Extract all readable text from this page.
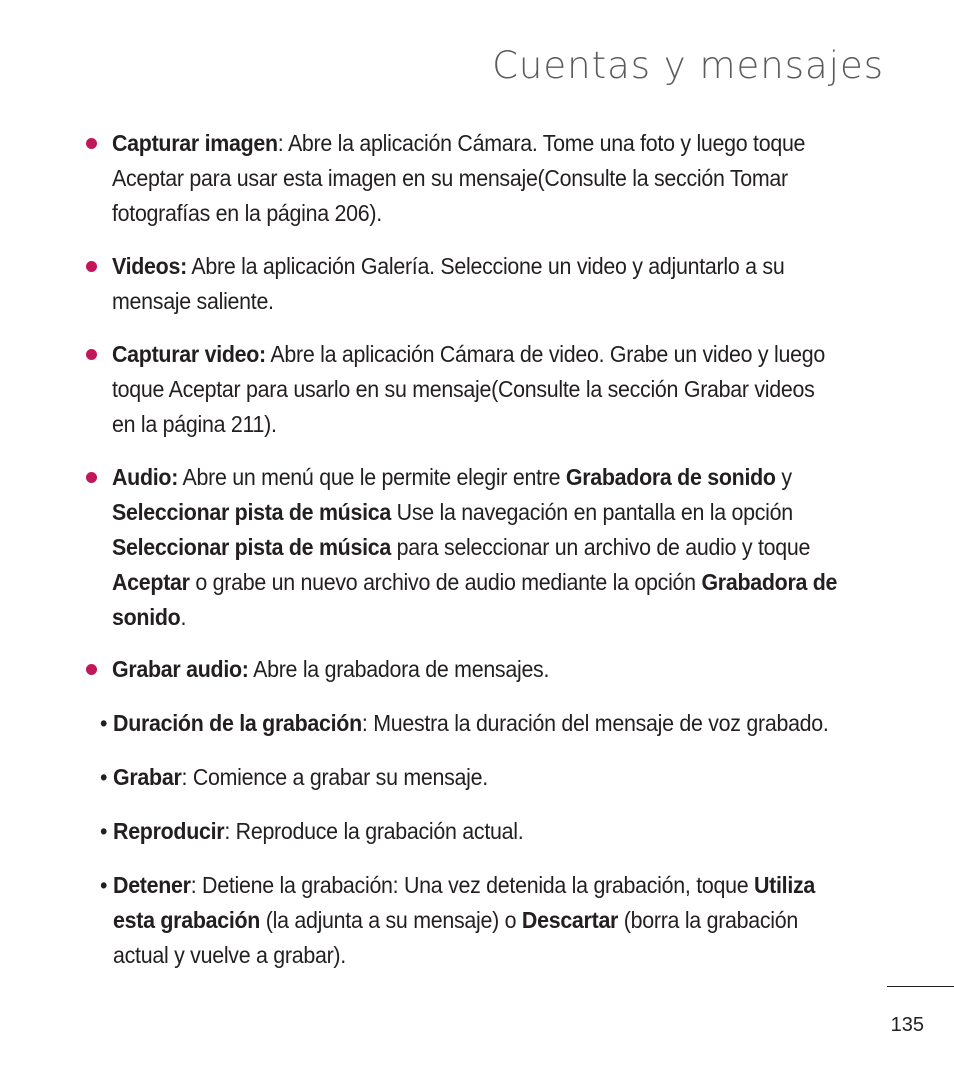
Cuentas y mensajes
Capturar imagen: Abre la aplicación Cámara. Tome una foto y luego toque Aceptar para usar esta imagen en su mensaje(Consulte la sección Tomar fotografías en la página 206).
Videos: Abre la aplicación Galería. Seleccione un video y adjuntarlo a su mensaje saliente.
Capturar video: Abre la aplicación Cámara de video. Grabe un video y luego toque Aceptar para usarlo en su mensaje(Consulte la sección Grabar videos en la página 211).
Audio: Abre un menú que le permite elegir entre Grabadora de sonido y Seleccionar pista de música Use la navegación en pantalla en la opción Seleccionar pista de música para seleccionar un archivo de audio y toque Aceptar o grabe un nuevo archivo de audio mediante la opción Grabadora de sonido.
Grabar audio: Abre la grabadora de mensajes.
• Duración de la grabación: Muestra la duración del mensaje de voz grabado.
• Grabar: Comience a grabar su mensaje.
• Reproducir: Reproduce la grabación actual.
• Detener: Detiene la grabación: Una vez detenida la grabación, toque Utiliza esta grabación (la adjunta a su mensaje) o Descartar (borra la grabación actual y vuelve a grabar).
135
